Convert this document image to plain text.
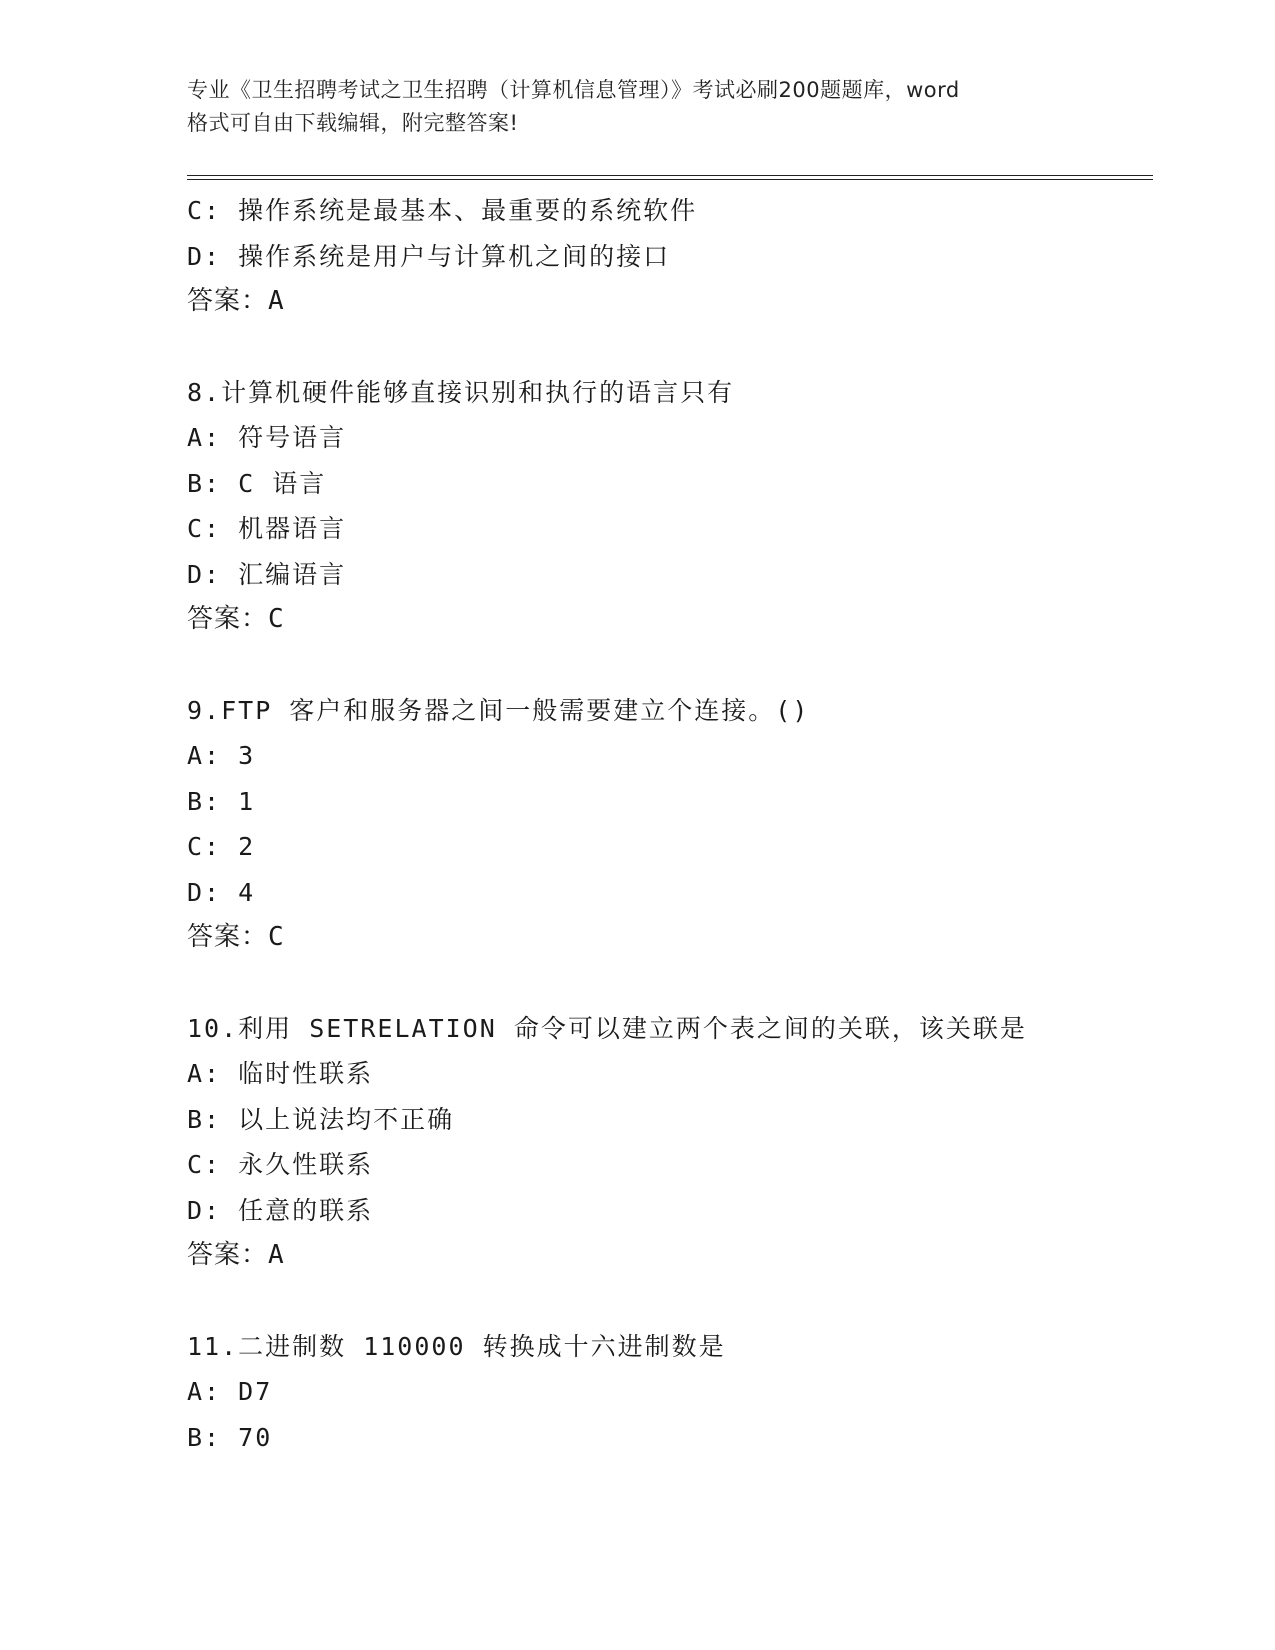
专业《卫生招聘考试之卫生招聘（计算机信息管理）》考试必刷200题题库，word
格式可自由下载编辑，附完整答案!
C: 操作系统是最基本、最重要的系统软件
D: 操作系统是用户与计算机之间的接口
答案：A
8.计算机硬件能够直接识别和执行的语言只有
A: 符号语言
B: C 语言
C: 机器语言
D: 汇编语言
答案：C
9.FTP 客户和服务器之间一般需要建立个连接。()
A: 3
B: 1
C: 2
D: 4
答案：C
10.利用 SETRELATION 命令可以建立两个表之间的关联，该关联是
A: 临时性联系
B: 以上说法均不正确
C: 永久性联系
D: 任意的联系
答案：A
11.二进制数 110000 转换成十六进制数是
A: D7
B: 70
